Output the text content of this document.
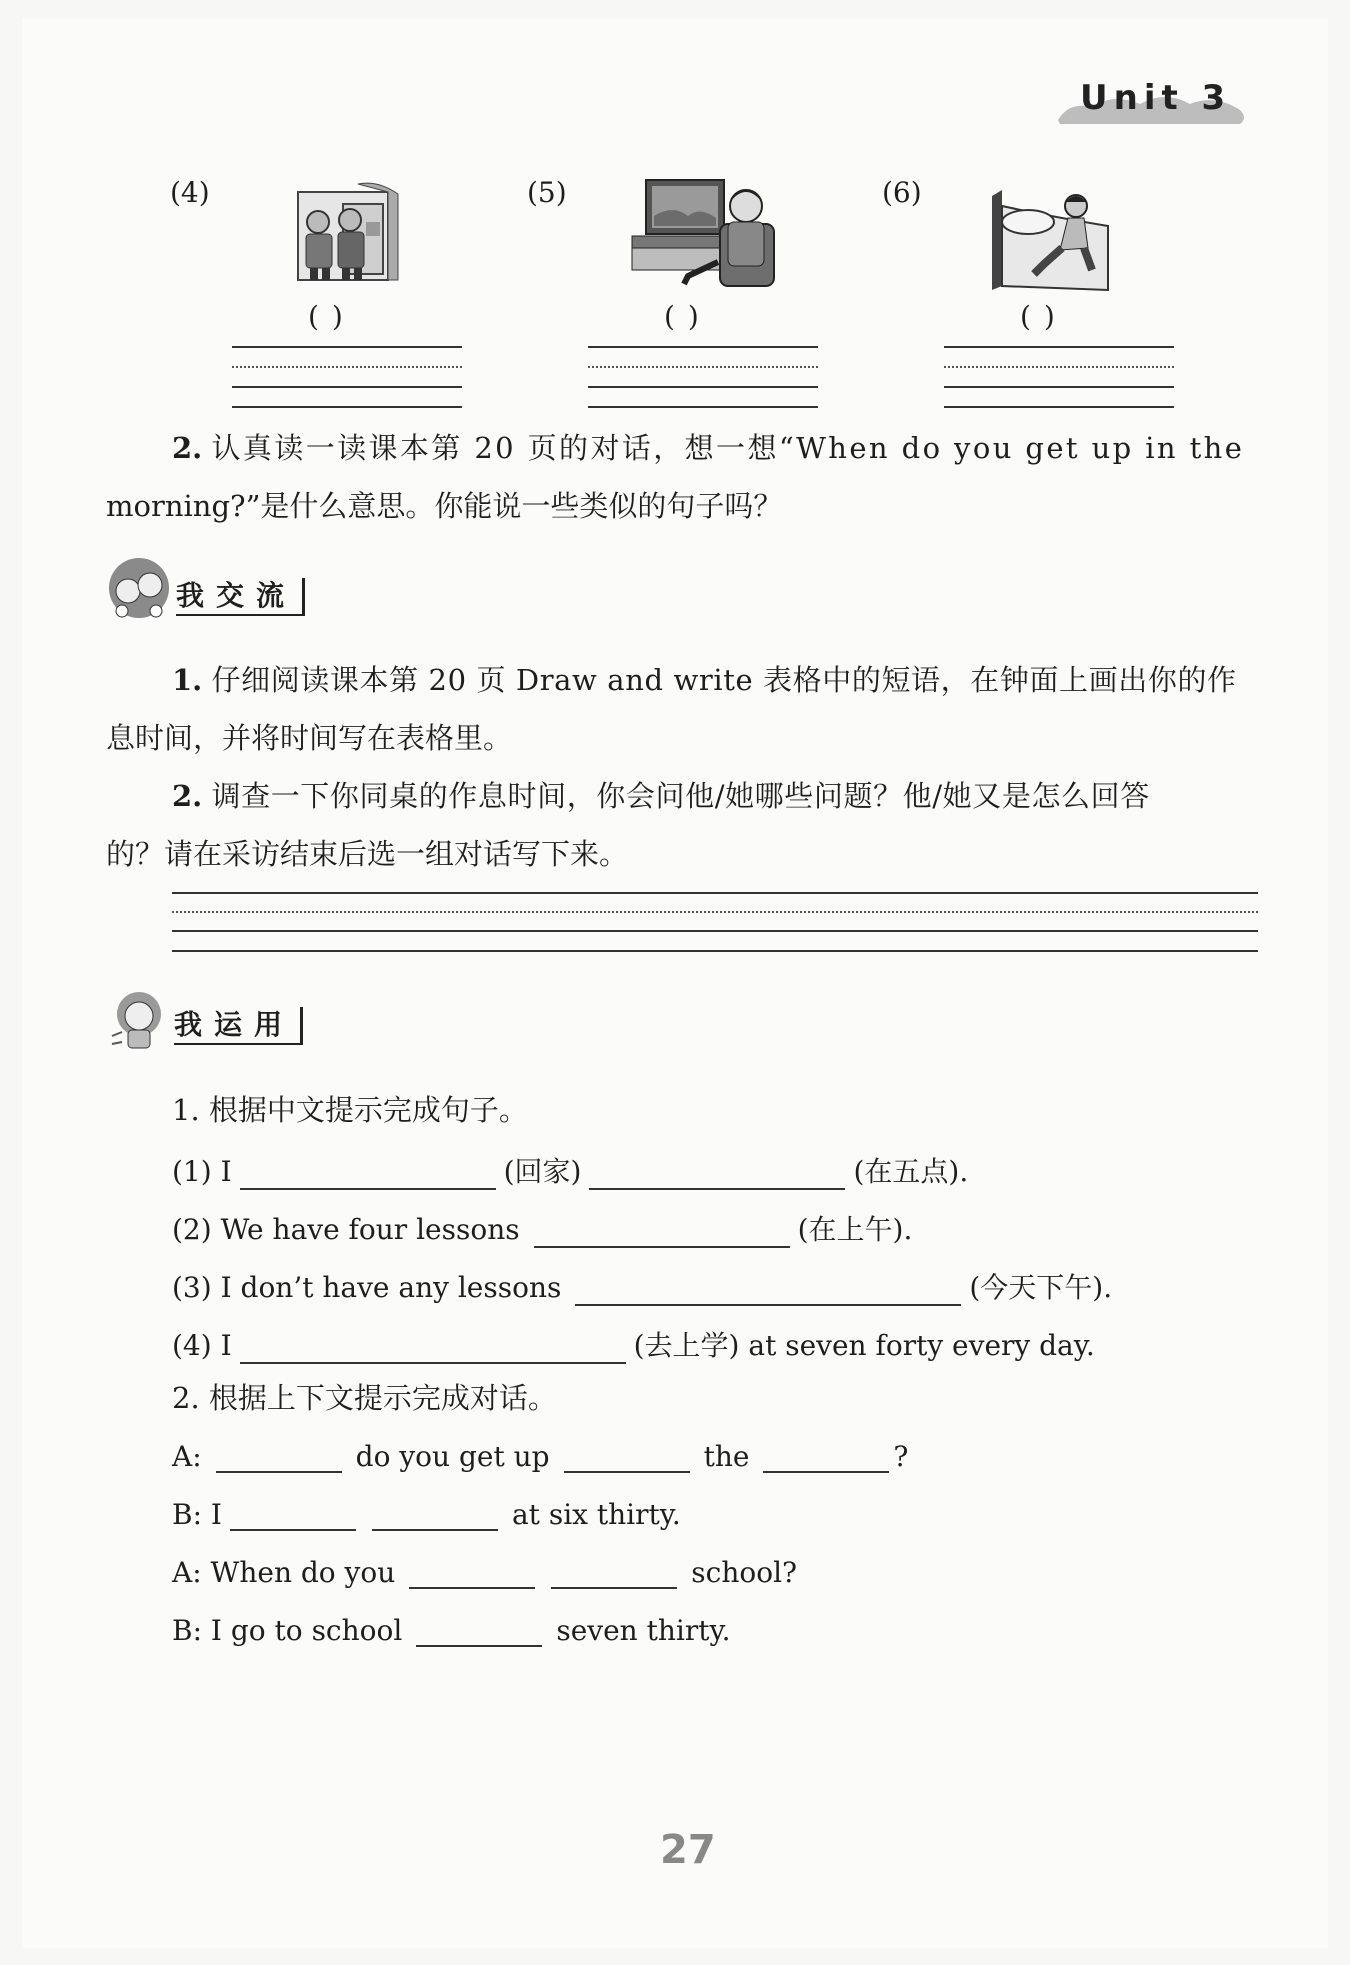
Unit 3
(4)	(5)	(6)
( )	( )	( )
2. 认真读一读课本第 20 页的对话，想一想“When do you get up in the
morning?”是什么意思。你能说一些类似的句子吗？
我交流
1. 仔细阅读课本第 20 页 Draw and write 表格中的短语，在钟面上画出你的作
息时间，并将时间写在表格里。
2. 调查一下你同桌的作息时间，你会问他/她哪些问题？他/她又是怎么回答
的？请在采访结束后选一组对话写下来。
我运用
1. 根据中文提示完成句子。
(1) I	(回家)	(在五点).
(2) We have four lessons	(在上午).
(3) I don’t have any lessons	(今天下午).
(4) I	(去上学) at seven forty every day.
2. 根据上下文提示完成对话。
A:	do you get up	the	?
B: I	at six thirty.
A: When do you	school?
B: I go to school	seven thirty.
27
